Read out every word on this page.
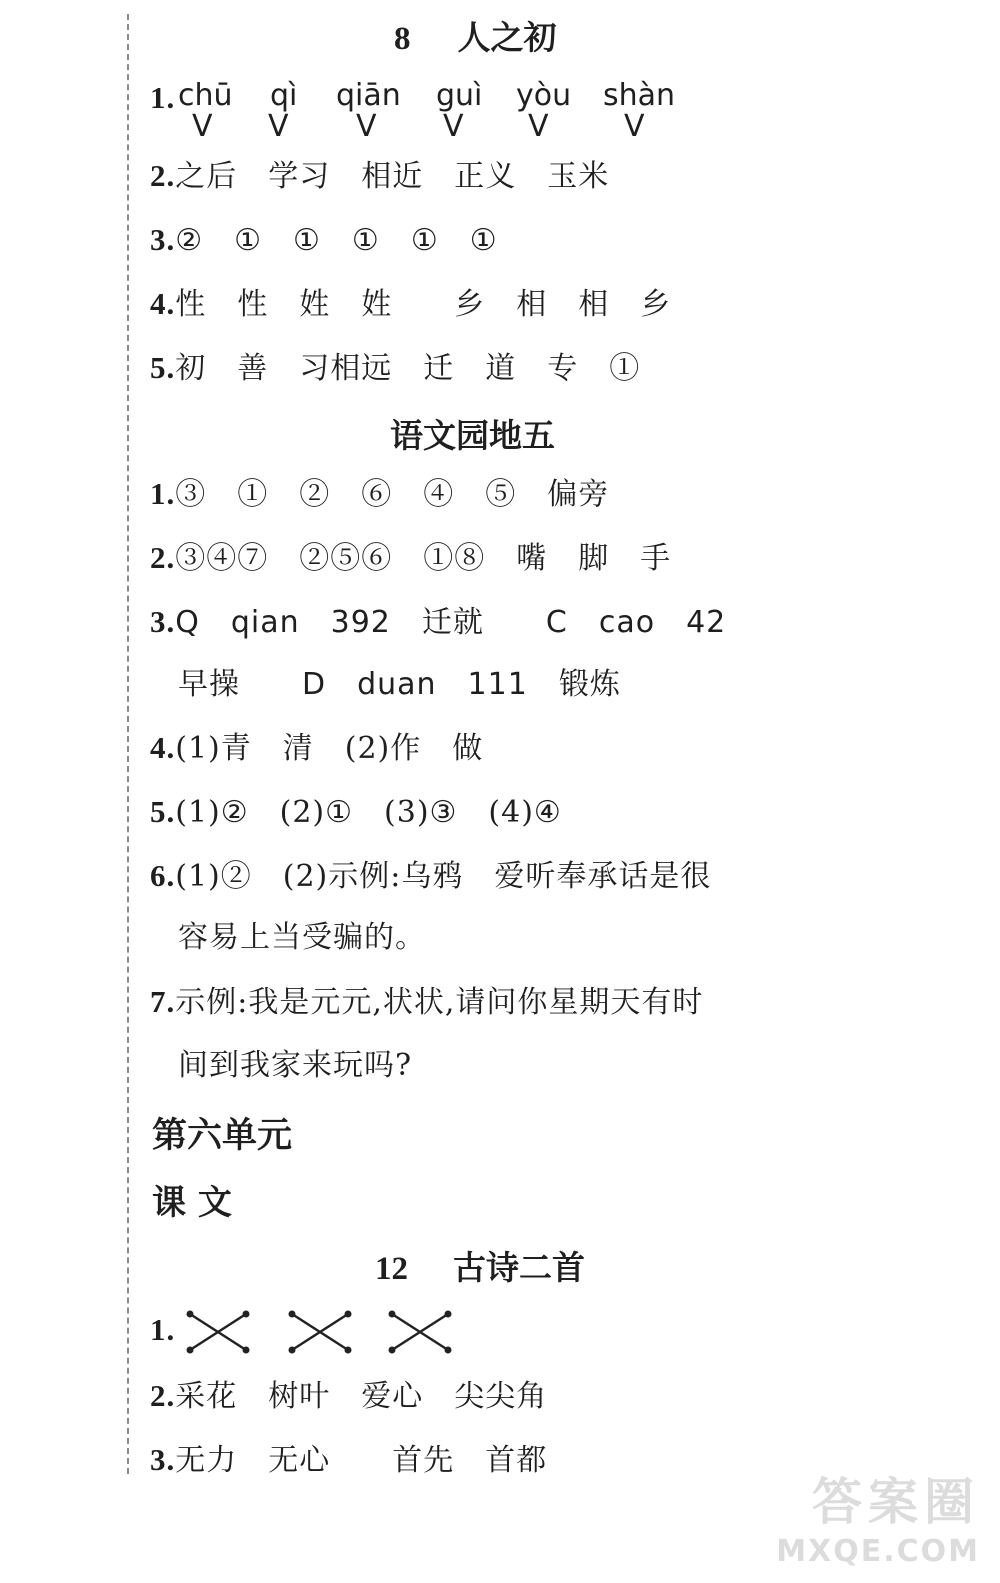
8 人之初
1. chū qì qiān guì yòu shàn
V V V V V	V
2.之后　学习　相近　正义　玉米
3.②　①　①　①　①　①
4.性　性　姓　姓　　乡　相　相　乡
5.初　善　习相远　迁　道　专　①
语文园地五
1.③　①　②　⑥　④　⑤　偏旁
2.③④⑦　②⑤⑥　①⑧　嘴　脚　手
3.Q　qian　392　迁就　　C　cao　42
早操　　D　duan　111　锻炼
4.(1)青　清　(2)作　做
5.(1)②　(2)①　(3)③　(4)④
6.(1)②　(2)示例:乌鸦　爱听奉承话是很
容易上当受骗的。
7.示例:我是元元,状状,请问你星期天有时
间到我家来玩吗?
第六单元
课 文
12 古诗二首
1.
2.采花　树叶　爱心　尖尖角
3.无力　无心　　首先　首都
答案圈
MXQE.COM
